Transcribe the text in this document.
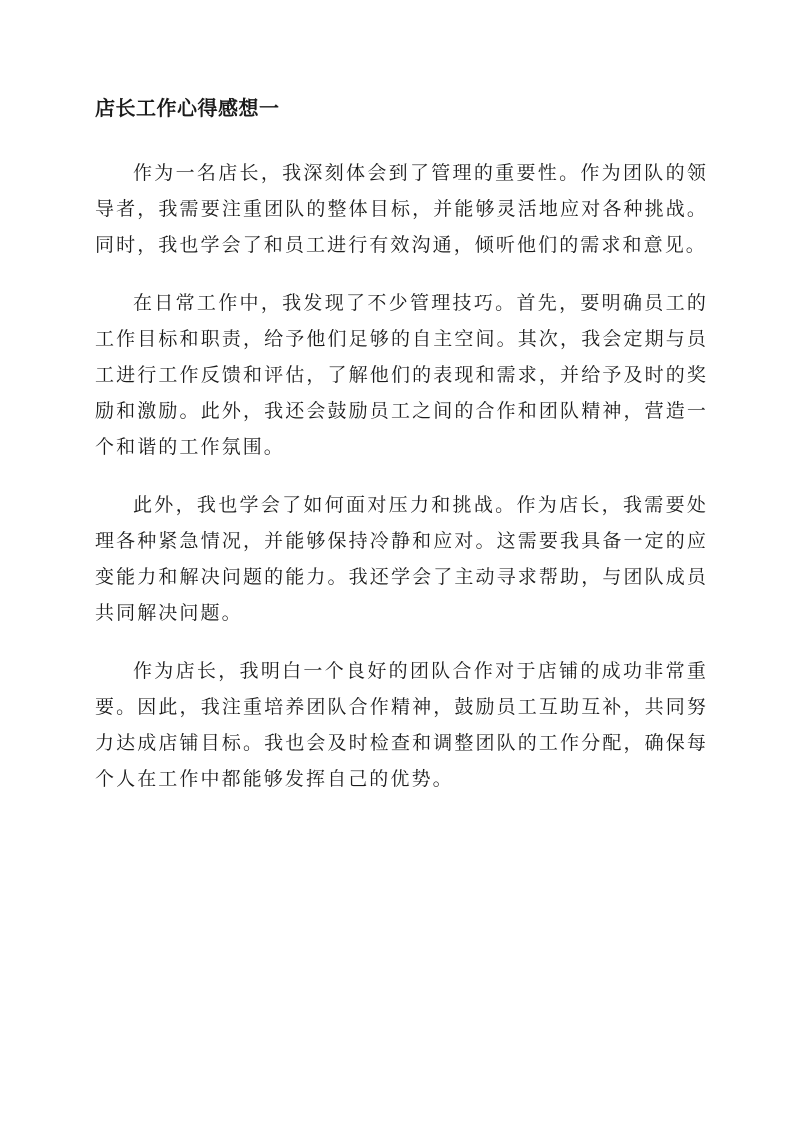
店长工作心得感想一

作为一名店长，我深刻体会到了管理的重要性。作为团队的领导者，我需要注重团队的整体目标，并能够灵活地应对各种挑战。同时，我也学会了和员工进行有效沟通，倾听他们的需求和意见。

在日常工作中，我发现了不少管理技巧。首先，要明确员工的工作目标和职责，给予他们足够的自主空间。其次，我会定期与员工进行工作反馈和评估，了解他们的表现和需求，并给予及时的奖励和激励。此外，我还会鼓励员工之间的合作和团队精神，营造一个和谐的工作氛围。

此外，我也学会了如何面对压力和挑战。作为店长，我需要处理各种紧急情况，并能够保持冷静和应对。这需要我具备一定的应变能力和解决问题的能力。我还学会了主动寻求帮助，与团队成员共同解决问题。

作为店长，我明白一个良好的团队合作对于店铺的成功非常重要。因此，我注重培养团队合作精神，鼓励员工互助互补，共同努力达成店铺目标。我也会及时检查和调整团队的工作分配，确保每个人在工作中都能够发挥自己的优势。
